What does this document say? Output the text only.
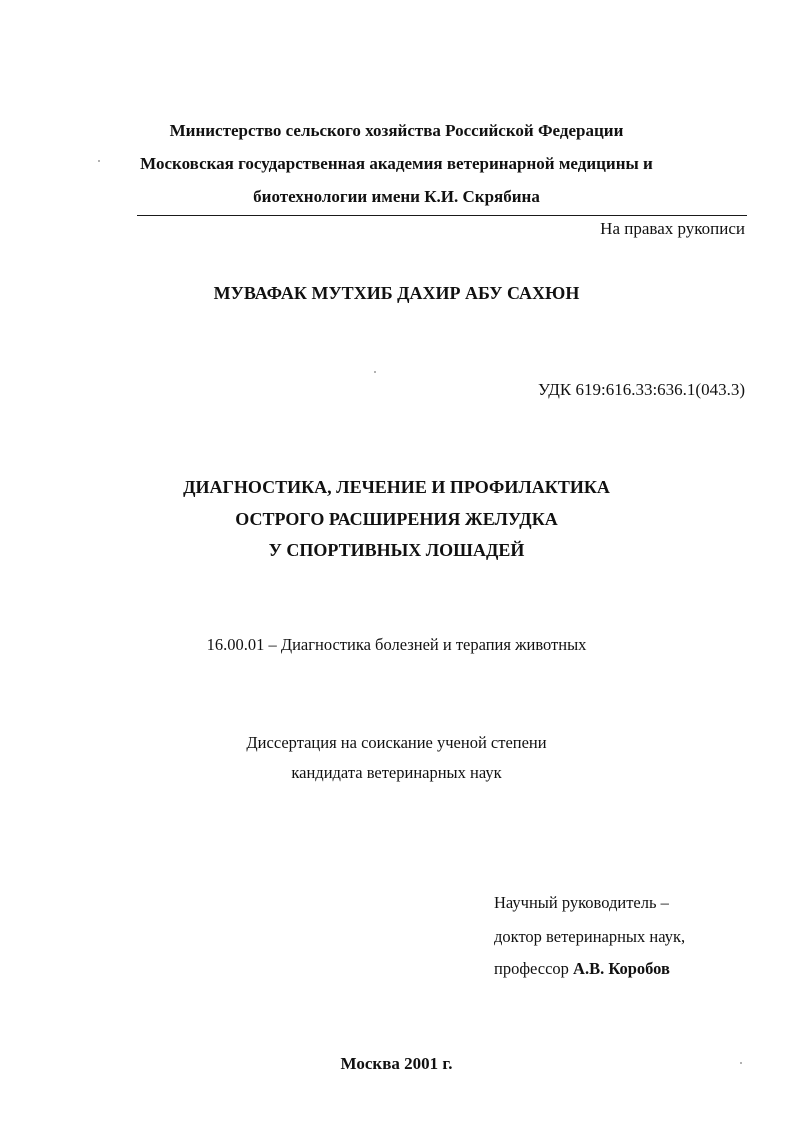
Министерство сельского хозяйства Российской Федерации
Московская государственная академия ветеринарной медицины и
биотехнологии имени К.И. Скрябина
На правах рукописи
МУВАФАК МУТХИБ ДАХИР АБУ САХЮН
УДК 619:616.33:636.1(043.3)
ДИАГНОСТИКА, ЛЕЧЕНИЕ И ПРОФИЛАКТИКА
ОСТРОГО РАСШИРЕНИЯ ЖЕЛУДКА
У СПОРТИВНЫХ ЛОШАДЕЙ
16.00.01 – Диагностика болезней и терапия животных
Диссертация на соискание ученой степени
кандидата ветеринарных наук
Научный руководитель –
доктор ветеринарных наук,
профессор А.В. Коробов
Москва 2001 г.
